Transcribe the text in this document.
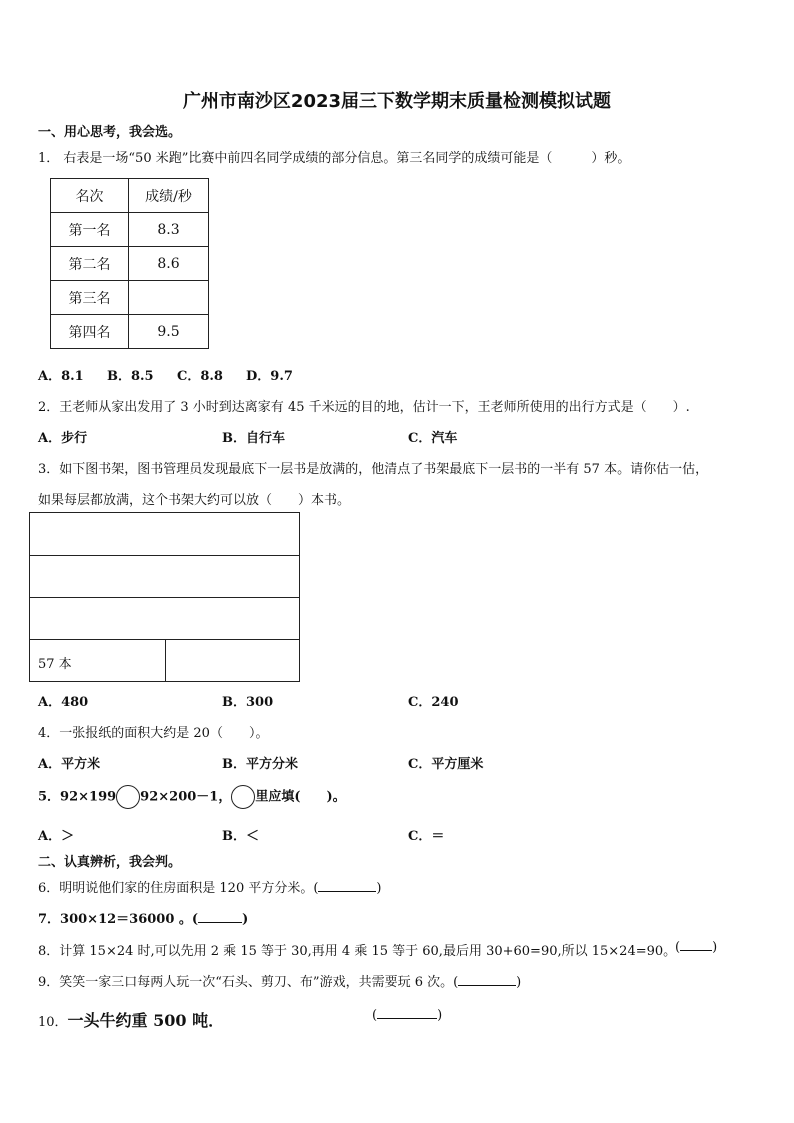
广州市南沙区2023届三下数学期末质量检测模拟试题
一、用心思考，我会选。
1． 右表是一场“50 米跑”比赛中前四名同学成绩的部分信息。第三名同学的成绩可能是（　　　）秒。
名次	成绩/秒
第一名	8.3
第二名	8.6
第三名	
第四名	9.5
A．8.1 B．8.5 C．8.8 D．9.7
2．王老师从家出发用了 3 小时到达离家有 45 千米远的目的地，估计一下，王老师所使用的出行方式是（　　）.
A．步行	B．自行车	C．汽车
3．如下图书架，图书管理员发现最底下一层书是放满的，他清点了书架最底下一层书的一半有 57 本。请你估一估，
如果每层都放满，这个书架大约可以放（　　）本书。
57 本
A．480	B．300	C．240
4．一张报纸的面积大约是 20（　　）。
A．平方米	B．平方分米	C．平方厘米
5．92×199 92×200－1， 里应填(　　)。
A．＞	B．＜	C．＝
二、认真辨析，我会判。
6．明明说他们家的住房面积是 120 平方分米。(	)
7．300×12＝36000 。(	)
8．计算 15×24 时,可以先用 2 乘 15 等于 30,再用 4 乘 15 等于 60,最后用 30+60=90,所以 15×24=90。
( )
9．笑笑一家三口每两人玩一次“石头、剪刀、布”游戏，共需要玩 6 次。(	)
10．一头牛约重 500 吨．	(	)
